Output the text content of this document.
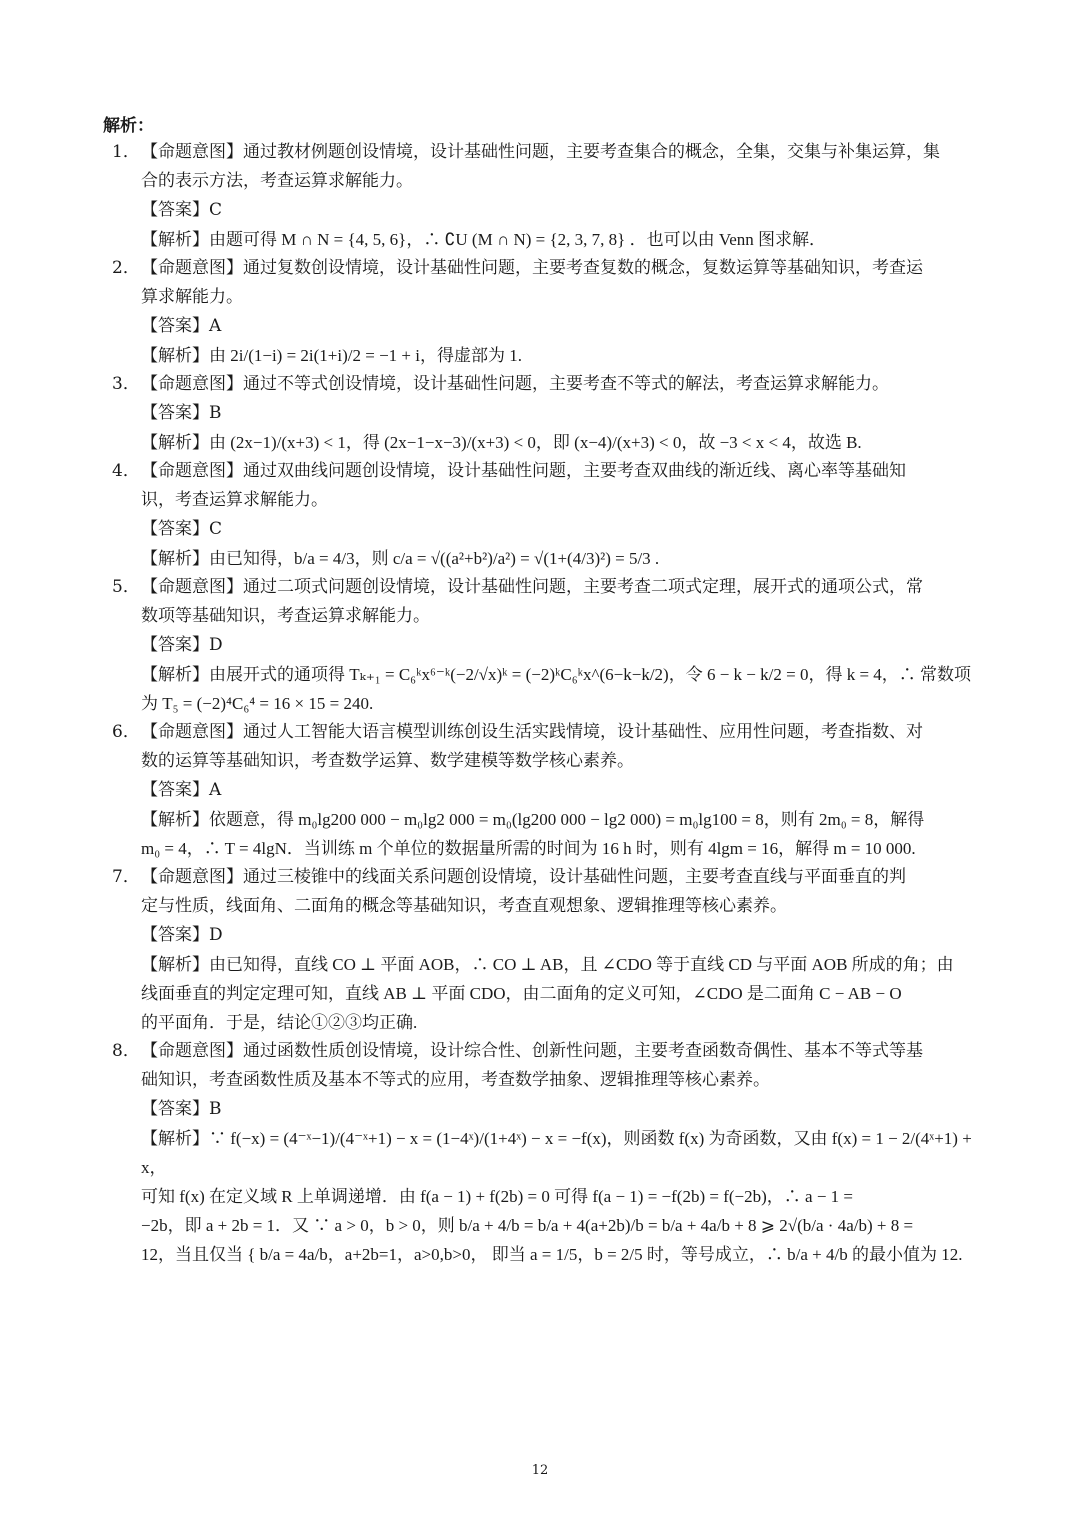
解析：
1．【命题意图】通过教材例题创设情境，设计基础性问题，主要考查集合的概念，全集，交集与补集运算，集
合的表示方法，考查运算求解能力。
【答案】C
【解析】由题可得 M ∩ N = {4, 5, 6}，∴ ∁U (M ∩ N) = {2, 3, 7, 8} ．也可以由 Venn 图求解．
2．【命题意图】通过复数创设情境，设计基础性问题，主要考查复数的概念，复数运算等基础知识，考查运
算求解能力。
【答案】A
【解析】由 2i/(1−i) = 2i(1+i)/2 = −1 + i，得虚部为 1.
3．【命题意图】通过不等式创设情境，设计基础性问题，主要考查不等式的解法，考查运算求解能力。
【答案】B
【解析】由 (2x−1)/(x+3) < 1，得 (2x−1−x−3)/(x+3) < 0，即 (x−4)/(x+3) < 0，故 −3 < x < 4，故选 B.
4．【命题意图】通过双曲线问题创设情境，设计基础性问题，主要考查双曲线的渐近线、离心率等基础知
识，考查运算求解能力。
【答案】C
【解析】由已知得，b/a = 4/3，则 c/a = √((a²+b²)/a²) = √(1+(4/3)²) = 5/3 .
5．【命题意图】通过二项式问题创设情境，设计基础性问题，主要考查二项式定理，展开式的通项公式，常
数项等基础知识，考查运算求解能力。
【答案】D
【解析】由展开式的通项得 Tₖ₊₁ = C₆ᵏx⁶⁻ᵏ(−2/√x)ᵏ = (−2)ᵏC₆ᵏx^(6−k−k/2)，令 6 − k − k/2 = 0，得 k = 4，∴ 常数项
为 T₅ = (−2)⁴C₆⁴ = 16 × 15 = 240.
6．【命题意图】通过人工智能大语言模型训练创设生活实践情境，设计基础性、应用性问题，考查指数、对
数的运算等基础知识，考查数学运算、数学建模等数学核心素养。
【答案】A
【解析】依题意，得 m₀lg200 000 − m₀lg2 000 = m₀(lg200 000 − lg2 000) = m₀lg100 = 8，则有 2m₀ = 8，解得
m₀ = 4，∴ T = 4lgN．当训练 m 个单位的数据量所需的时间为 16 h 时，则有 4lgm = 16，解得 m = 10 000.
7．【命题意图】通过三棱锥中的线面关系问题创设情境，设计基础性问题，主要考查直线与平面垂直的判
定与性质，线面角、二面角的概念等基础知识，考查直观想象、逻辑推理等核心素养。
【答案】D
【解析】由已知得，直线 CO ⊥ 平面 AOB，∴ CO ⊥ AB，且 ∠CDO 等于直线 CD 与平面 AOB 所成的角；由
线面垂直的判定定理可知，直线 AB ⊥ 平面 CDO，由二面角的定义可知，∠CDO 是二面角 C − AB − O
的平面角．于是，结论①②③均正确.
8．【命题意图】通过函数性质创设情境，设计综合性、创新性问题，主要考查函数奇偶性、基本不等式等基
础知识，考查函数性质及基本不等式的应用，考查数学抽象、逻辑推理等核心素养。
【答案】B
【解析】∵ f(−x) = (4⁻ˣ−1)/(4⁻ˣ+1) − x = (1−4ˣ)/(1+4ˣ) − x = −f(x)，则函数 f(x) 为奇函数，又由 f(x) = 1 − 2/(4ˣ+1) + x，
可知 f(x) 在定义域 R 上单调递增．由 f(a − 1) + f(2b) = 0 可得 f(a − 1) = −f(2b) = f(−2b)，∴ a − 1 =
−2b，即 a + 2b = 1．又 ∵ a > 0，b > 0，则 b/a + 4/b = b/a + 4(a+2b)/b = b/a + 4a/b + 8 ⩾ 2√(b/a · 4a/b) + 8 =
12，当且仅当 { b/a = 4a/b，a+2b=1，a>0,b>0， 即当 a = 1/5，b = 2/5 时，等号成立，∴ b/a + 4/b 的最小值为 12.
12
